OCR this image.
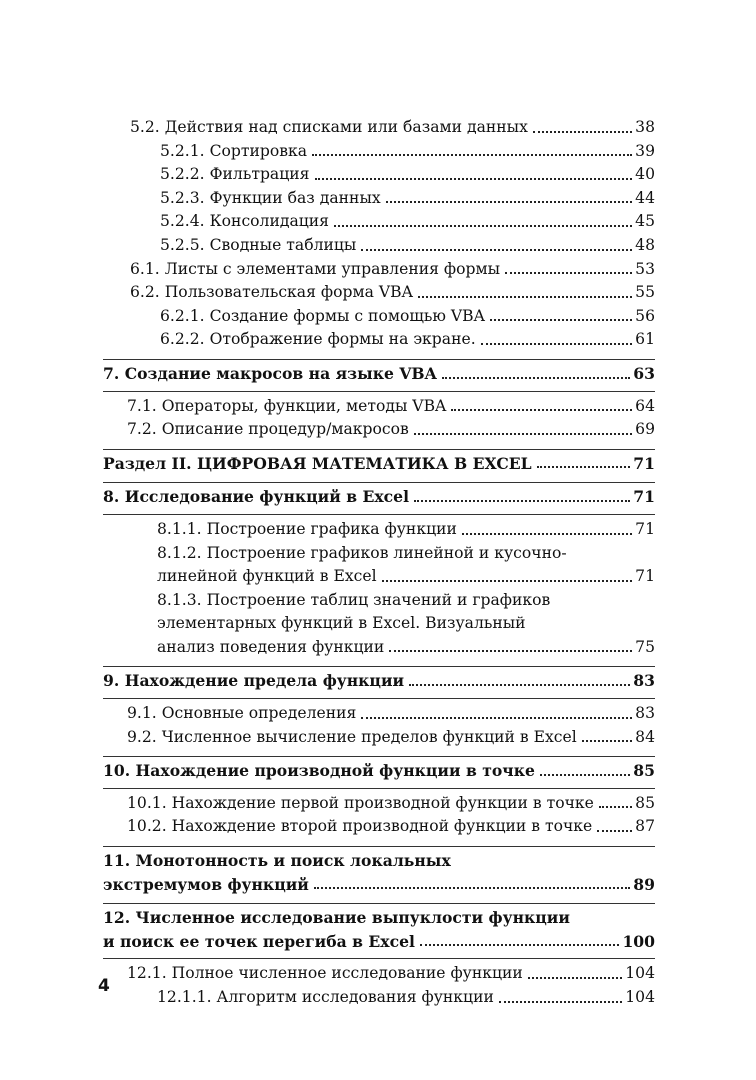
5.2. Действия над списками или базами данных	38
5.2.1. Сортировка	39
5.2.2. Фильтрация	40
5.2.3. Функции баз данных	44
5.2.4. Консолидация	45
5.2.5. Сводные таблицы	48
6.1. Листы с элементами управления формы	53
6.2. Пользовательская форма VBA	55
6.2.1. Создание формы с помощью VBA	56
6.2.2. Отображение формы на экране.	61
7. Создание макросов на языке VBA	63
7.1. Операторы, функции, методы VBA	64
7.2. Описание процедур/макросов	69
Раздел II. ЦИФРОВАЯ МАТЕМАТИКА В EXCEL	71
8. Исследование функций в Excel	71
8.1.1. Построение графика функции	71
8.1.2. Построение графиков линейной и кусочно-
линейной функций в Excel	71
8.1.3. Построение таблиц значений и графиков
элементарных функций в Excel. Визуальный
анализ поведения функции	75
9. Нахождение предела функции	83
9.1. Основные определения	83
9.2. Численное вычисление пределов функций в Excel	84
10. Нахождение производной функции в точке	85
10.1. Нахождение первой производной функции в точке	85
10.2. Нахождение второй производной функции в точке	87
11. Монотонность и поиск локальных
экстремумов функций	89
12. Численное исследование выпуклости функции
и поиск ее точек перегиба в Excel	100
12.1. Полное численное исследование функции	104
12.1.1. Алгоритм исследования функции	104
4
